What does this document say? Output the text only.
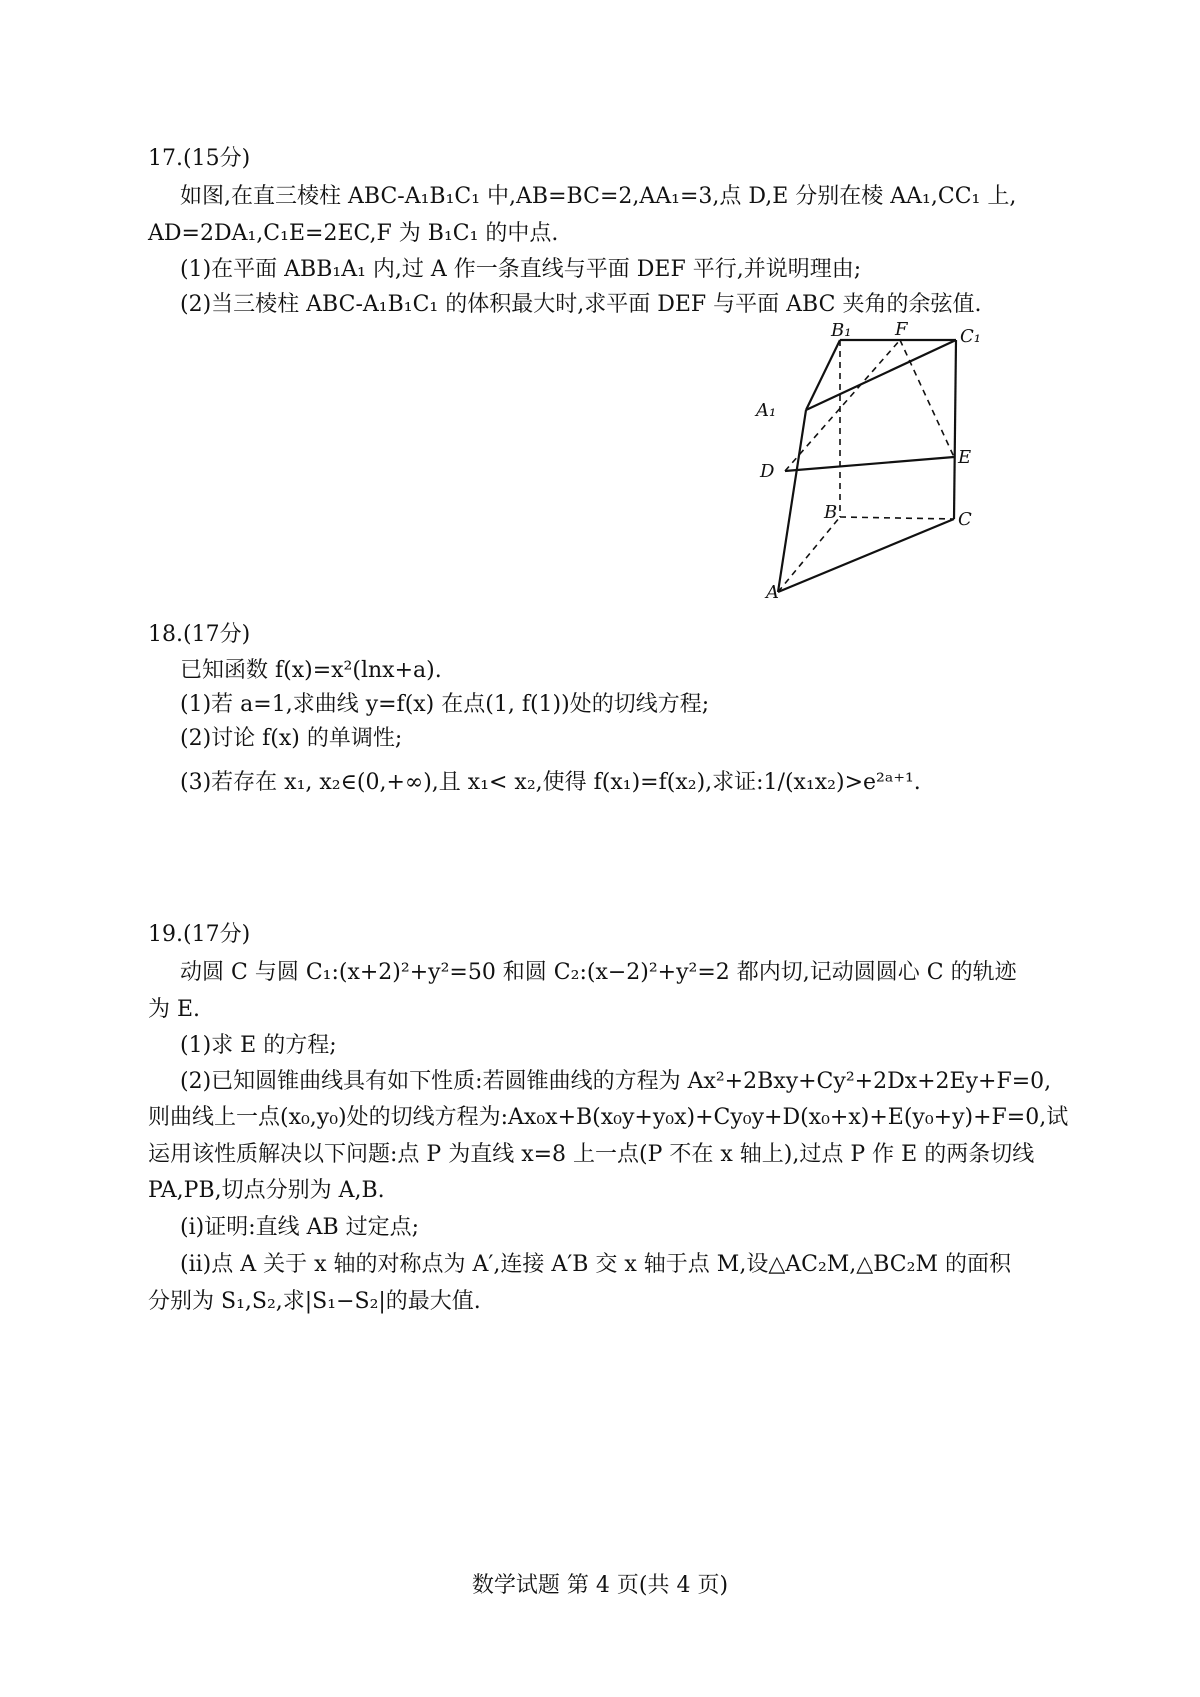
17.(15分)
如图,在直三棱柱 ABC-A₁B₁C₁ 中,AB=BC=2,AA₁=3,点 D,E 分别在棱 AA₁,CC₁ 上,
AD=2DA₁,C₁E=2EC,F 为 B₁C₁ 的中点.
(1)在平面 ABB₁A₁ 内,过 A 作一条直线与平面 DEF 平行,并说明理由;
(2)当三棱柱 ABC-A₁B₁C₁ 的体积最大时,求平面 DEF 与平面 ABC 夹角的余弦值.
B₁ F	C₁
A₁
D
E
B	C
A
18.(17分)
已知函数 f(x)=x²(lnx+a).
(1)若 a=1,求曲线 y=f(x) 在点(1, f(1))处的切线方程;
(2)讨论 f(x) 的单调性;
(3)若存在 x₁, x₂∈(0,+∞),且 x₁< x₂,使得 f(x₁)=f(x₂),求证:1/(x₁x₂)>e²ᵃ⁺¹.
19.(17分)
动圆 C 与圆 C₁:(x+2)²+y²=50 和圆 C₂:(x−2)²+y²=2 都内切,记动圆圆心 C 的轨迹
为 E.
(1)求 E 的方程;
(2)已知圆锥曲线具有如下性质:若圆锥曲线的方程为 Ax²+2Bxy+Cy²+2Dx+2Ey+F=0,
则曲线上一点(x₀,y₀)处的切线方程为:Ax₀x+B(x₀y+y₀x)+Cy₀y+D(x₀+x)+E(y₀+y)+F=0,试
运用该性质解决以下问题:点 P 为直线 x=8 上一点(P 不在 x 轴上),过点 P 作 E 的两条切线
PA,PB,切点分别为 A,B.
(i)证明:直线 AB 过定点;
(ii)点 A 关于 x 轴的对称点为 A′,连接 A′B 交 x 轴于点 M,设△AC₂M,△BC₂M 的面积
分别为 S₁,S₂,求|S₁−S₂|的最大值.
数学试题 第 4 页(共 4 页)
